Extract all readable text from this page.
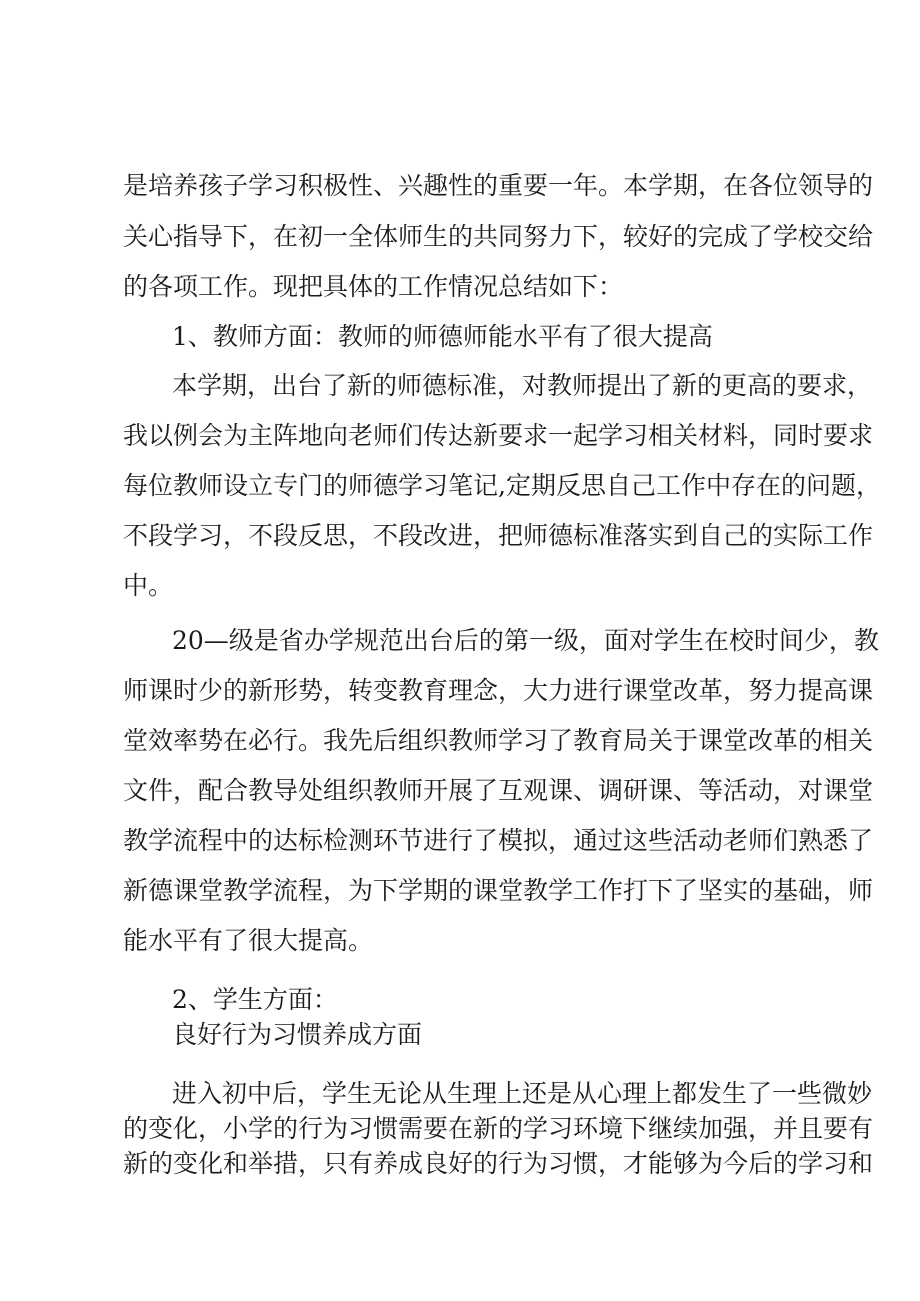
是培养孩子学习积极性、兴趣性的重要一年。本学期，在各位领导的
关心指导下，在初一全体师生的共同努力下，较好的完成了学校交给
的各项工作。现把具体的工作情况总结如下：
1、教师方面：教师的师德师能水平有了很大提高
本学期，出台了新的师德标准，对教师提出了新的更高的要求，
我以例会为主阵地向老师们传达新要求一起学习相关材料，同时要求
每位教师设立专门的师德学习笔记,定期反思自己工作中存在的问题，
不段学习，不段反思，不段改进，把师德标准落实到自己的实际工作
中。
20—级是省办学规范出台后的第一级，面对学生在校时间少，教
师课时少的新形势，转变教育理念，大力进行课堂改革，努力提高课
堂效率势在必行。我先后组织教师学习了教育局关于课堂改革的相关
文件，配合教导处组织教师开展了互观课、调研课、等活动，对课堂
教学流程中的达标检测环节进行了模拟，通过这些活动老师们熟悉了
新德课堂教学流程，为下学期的课堂教学工作打下了坚实的基础，师
能水平有了很大提高。
2、学生方面：
良好行为习惯养成方面
进入初中后，学生无论从生理上还是从心理上都发生了一些微妙
的变化，小学的行为习惯需要在新的学习环境下继续加强，并且要有
新的变化和举措，只有养成良好的行为习惯，才能够为今后的学习和
